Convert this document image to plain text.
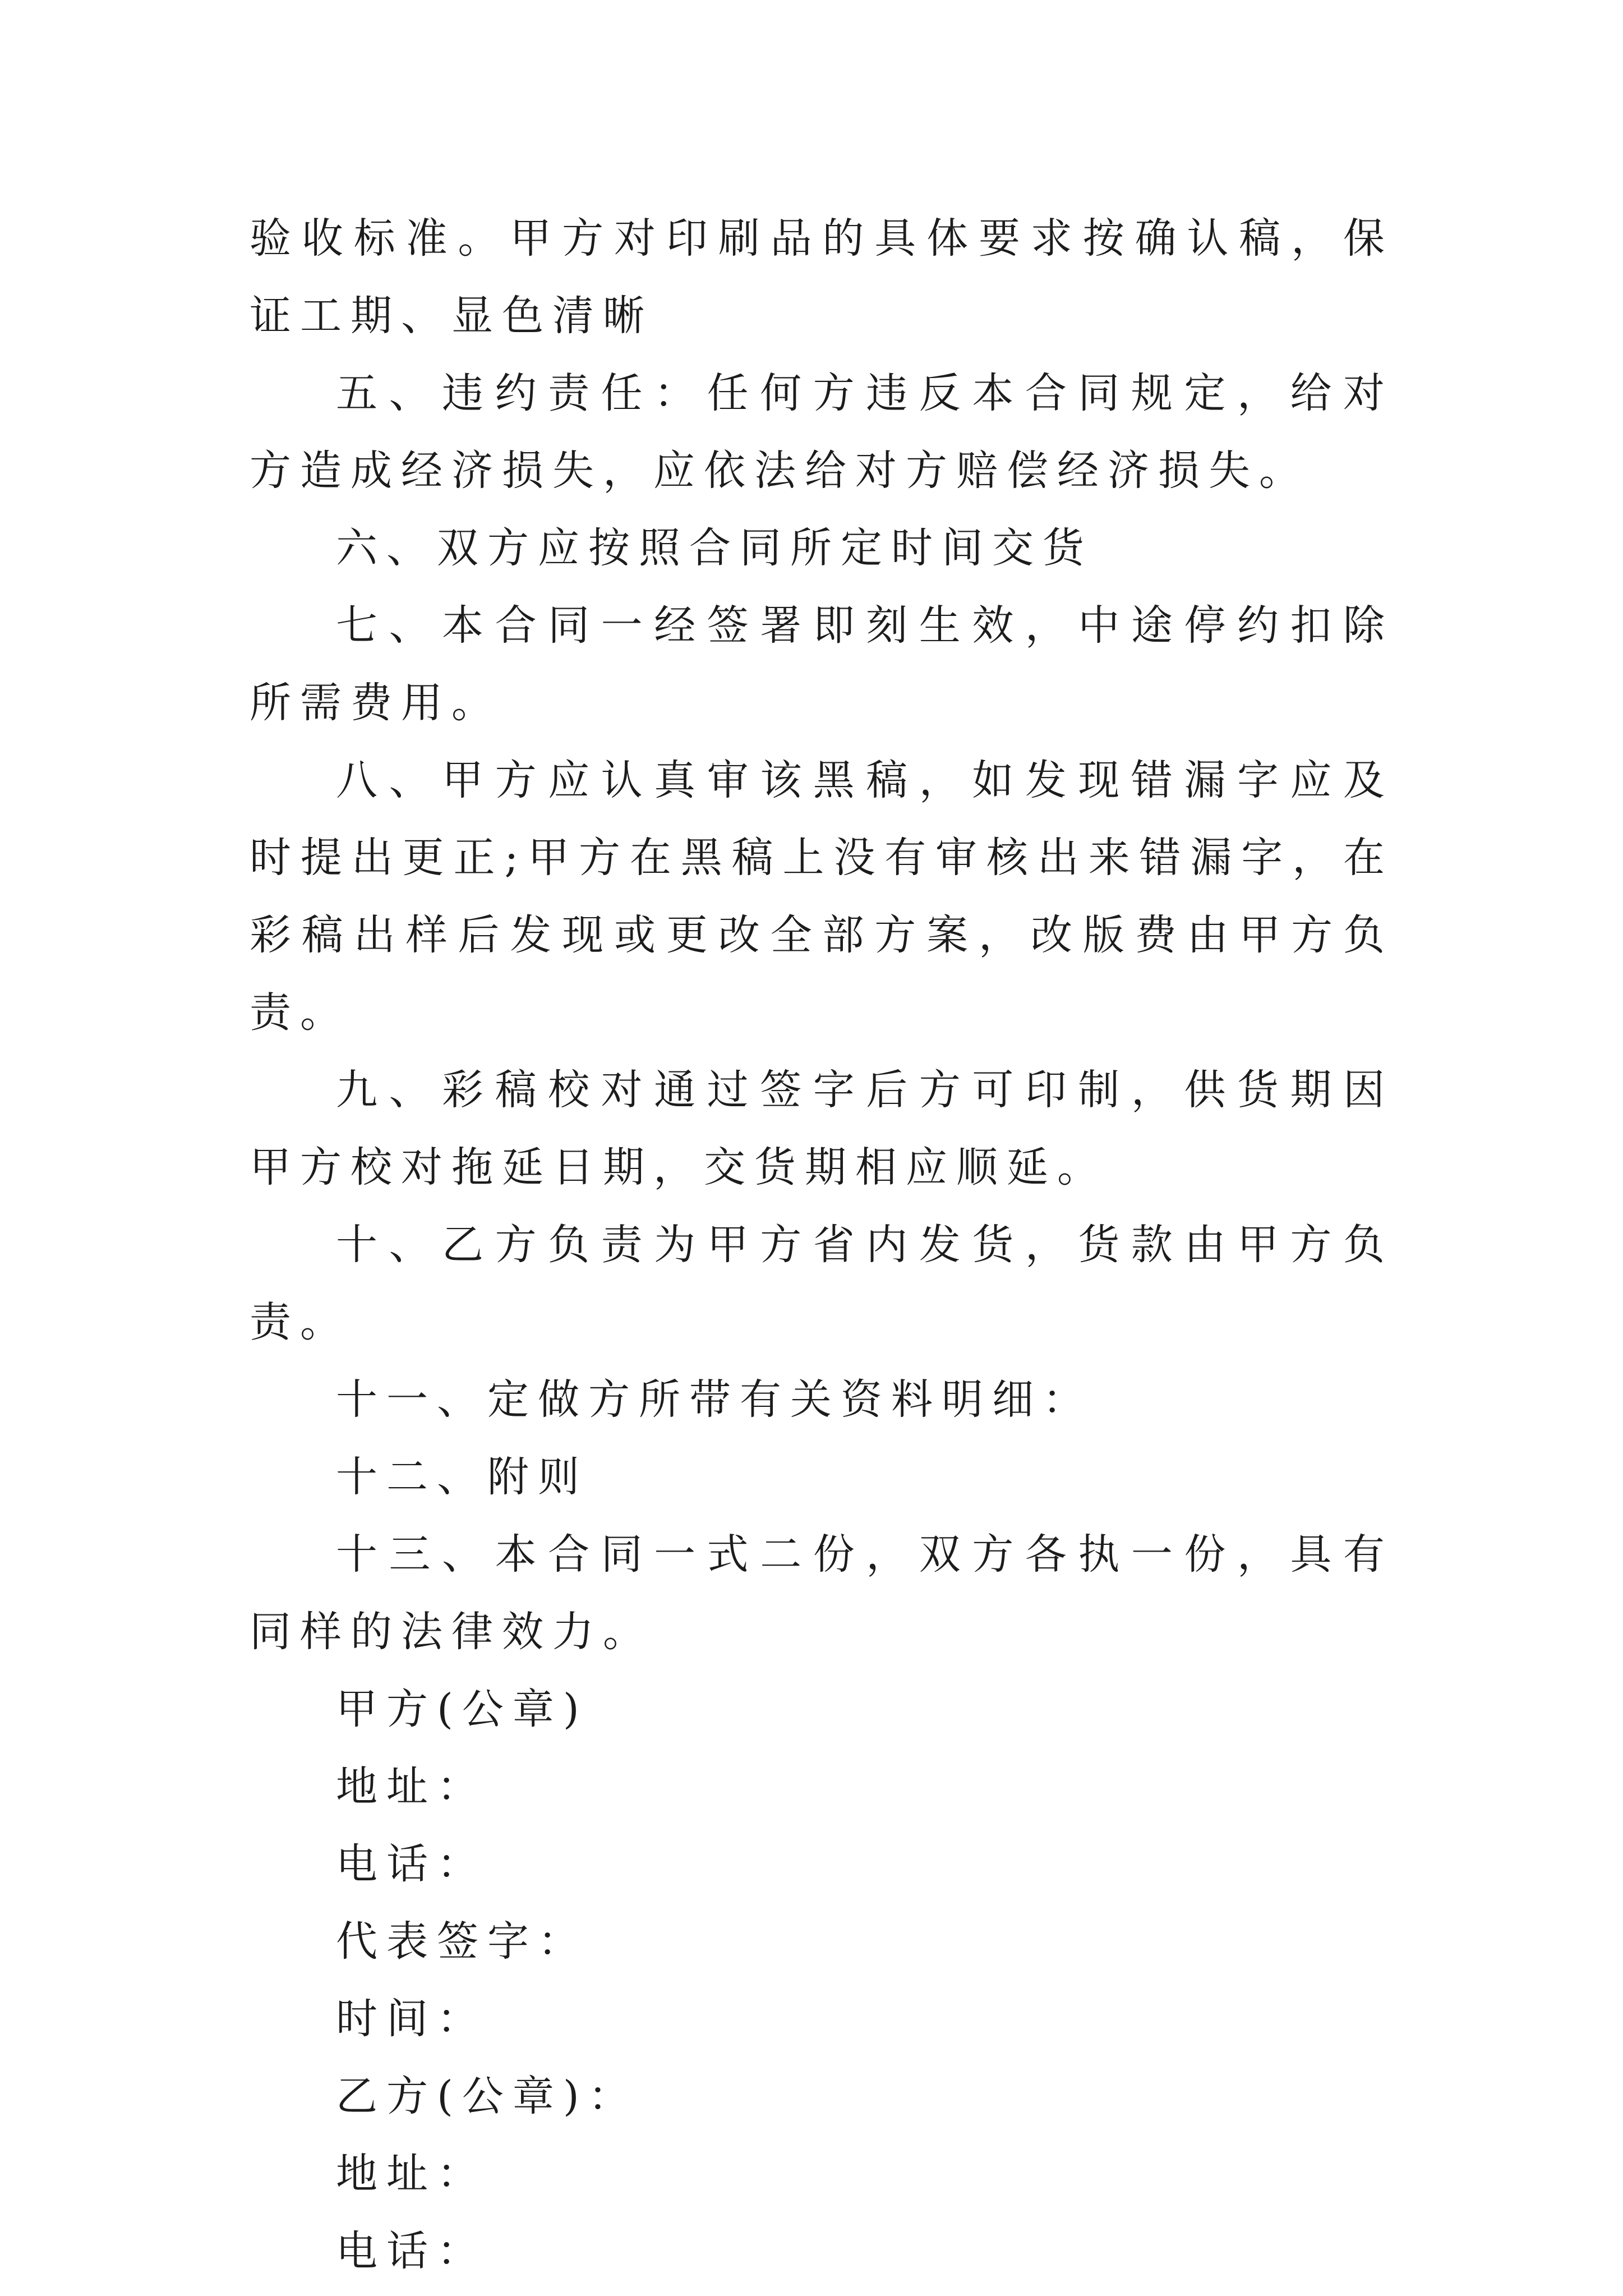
验收标准。甲方对印刷品的具体要求按确认稿，保证工期、显色清晰

五、违约责任：任何方违反本合同规定，给对方造成经济损失，应依法给对方赔偿经济损失。

六、双方应按照合同所定时间交货

七、本合同一经签署即刻生效，中途停约扣除所需费用。

八、甲方应认真审该黑稿，如发现错漏字应及时提出更正;甲方在黑稿上没有审核出来错漏字，在彩稿出样后发现或更改全部方案，改版费由甲方负责。

九、彩稿校对通过签字后方可印制，供货期因甲方校对拖延日期，交货期相应顺延。

十、乙方负责为甲方省内发货，货款由甲方负责。

十一、定做方所带有关资料明细：

十二、附则

十三、本合同一式二份，双方各执一份，具有同样的法律效力。

甲方(公章)

地址：

电话：

代表签字：

时间：

乙方(公章)：

地址：

电话：
